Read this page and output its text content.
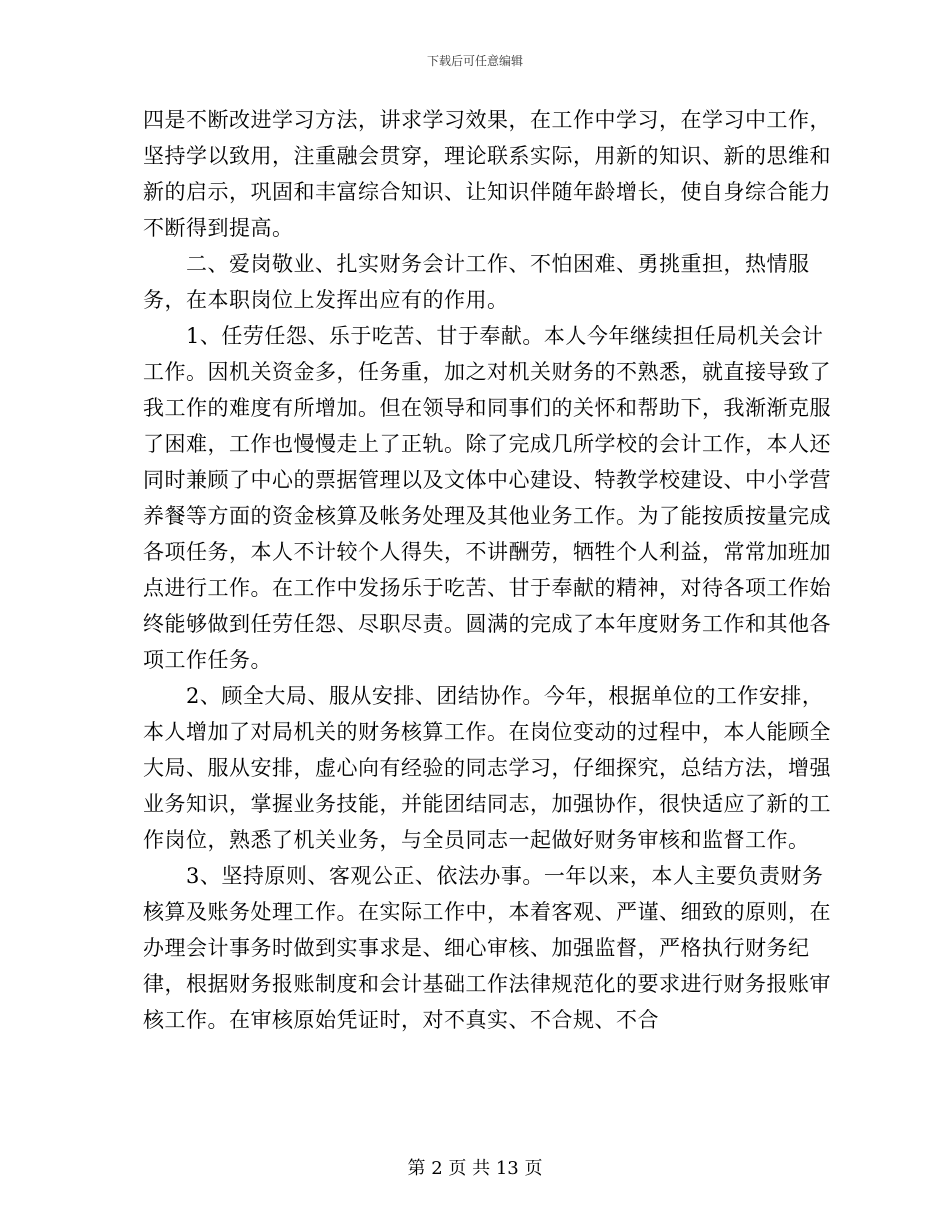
下载后可任意编辑

四是不断改进学习方法，讲求学习效果，在工作中学习，在学习中工作，坚持学以致用，注重融会贯穿，理论联系实际，用新的知识、新的思维和新的启示，巩固和丰富综合知识、让知识伴随年龄增长，使自身综合能力不断得到提高。

二、爱岗敬业、扎实财务会计工作、不怕困难、勇挑重担，热情服务，在本职岗位上发挥出应有的作用。

1、任劳任怨、乐于吃苦、甘于奉献。本人今年继续担任局机关会计工作。因机关资金多，任务重，加之对机关财务的不熟悉，就直接导致了我工作的难度有所增加。但在领导和同事们的关怀和帮助下，我渐渐克服了困难，工作也慢慢走上了正轨。除了完成几所学校的会计工作，本人还同时兼顾了中心的票据管理以及文体中心建设、特教学校建设、中小学营养餐等方面的资金核算及帐务处理及其他业务工作。为了能按质按量完成各项任务，本人不计较个人得失，不讲酬劳，牺牲个人利益，常常加班加点进行工作。在工作中发扬乐于吃苦、甘于奉献的精神，对待各项工作始终能够做到任劳任怨、尽职尽责。圆满的完成了本年度财务工作和其他各项工作任务。

2、顾全大局、服从安排、团结协作。今年，根据单位的工作安排，本人增加了对局机关的财务核算工作。在岗位变动的过程中，本人能顾全大局、服从安排，虚心向有经验的同志学习，仔细探究，总结方法，增强业务知识，掌握业务技能，并能团结同志，加强协作，很快适应了新的工作岗位，熟悉了机关业务，与全员同志一起做好财务审核和监督工作。

3、坚持原则、客观公正、依法办事。一年以来，本人主要负责财务核算及账务处理工作。在实际工作中，本着客观、严谨、细致的原则，在办理会计事务时做到实事求是、细心审核、加强监督，严格执行财务纪律，根据财务报账制度和会计基础工作法律规范化的要求进行财务报账审核工作。在审核原始凭证时，对不真实、不合规、不合

第 2 页 共 13 页
